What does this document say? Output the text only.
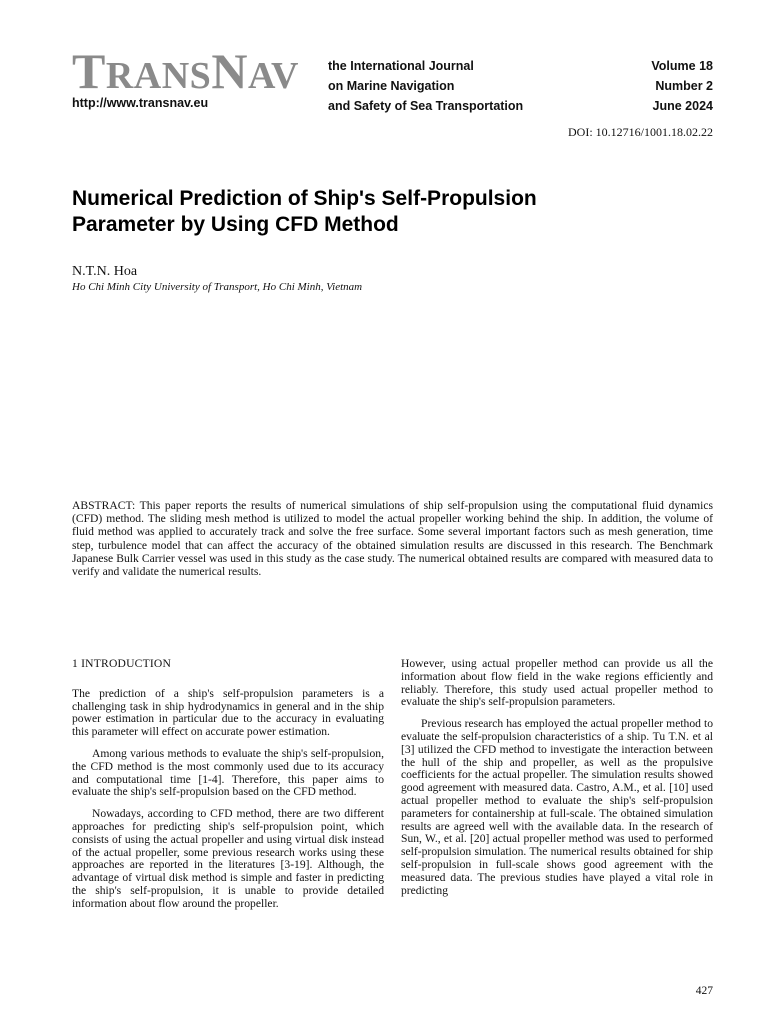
TRANSNAV
http://www.transnav.eu
the International Journal
on Marine Navigation
and Safety of Sea Transportation
Volume 18
Number 2
June 2024
DOI: 10.12716/1001.18.02.22
Numerical Prediction of Ship's Self-Propulsion
Parameter by Using CFD Method
N.T.N. Hoa
Ho Chi Minh City University of Transport, Ho Chi Minh, Vietnam

ABSTRACT: This paper reports the results of numerical simulations of ship self-propulsion using the computational fluid dynamics (CFD) method. The sliding mesh method is utilized to model the actual propeller working behind the ship. In addition, the volume of fluid method was applied to accurately track and solve the free surface. Some several important factors such as mesh generation, time step, turbulence model that can affect the accuracy of the obtained simulation results are discussed in this research. The Benchmark Japanese Bulk Carrier vessel was used in this study as the case study. The numerical obtained results are compared with measured data to verify and validate the numerical results.

1 INTRODUCTION

The prediction of a ship's self-propulsion parameters is a challenging task in ship hydrodynamics in general and in the ship power estimation in particular due to the accuracy in evaluating this parameter will effect on accurate power estimation.

Among various methods to evaluate the ship's self-propulsion, the CFD method is the most commonly used due to its accuracy and computational time [1-4]. Therefore, this paper aims to evaluate the ship's self-propulsion based on the CFD method.

Nowadays, according to CFD method, there are two different approaches for predicting ship's self-propulsion point, which consists of using the actual propeller and using virtual disk instead of the actual propeller, some previous research works using these approaches are reported in the literatures [3-19]. Although, the advantage of virtual disk method is simple and faster in predicting the ship's self-propulsion, it is unable to provide detailed information about flow around the propeller.

However, using actual propeller method can provide us all the information about flow field in the wake regions efficiently and reliably. Therefore, this study used actual propeller method to evaluate the ship's self-propulsion parameters.

Previous research has employed the actual propeller method to evaluate the self-propulsion characteristics of a ship. Tu T.N. et al [3] utilized the CFD method to investigate the interaction between the hull of the ship and propeller, as well as the propulsive coefficients for the actual propeller. The simulation results showed good agreement with measured data. Castro, A.M., et al. [10] used actual propeller method to evaluate the ship's self-propulsion parameters for containership at full-scale. The obtained simulation results are agreed well with the available data. In the research of Sun, W., et al. [20] actual propeller method was used to performed self-propulsion simulation. The numerical results obtained for ship self-propulsion in full-scale shows good agreement with the measured data. The previous studies have played a vital role in predicting

427
